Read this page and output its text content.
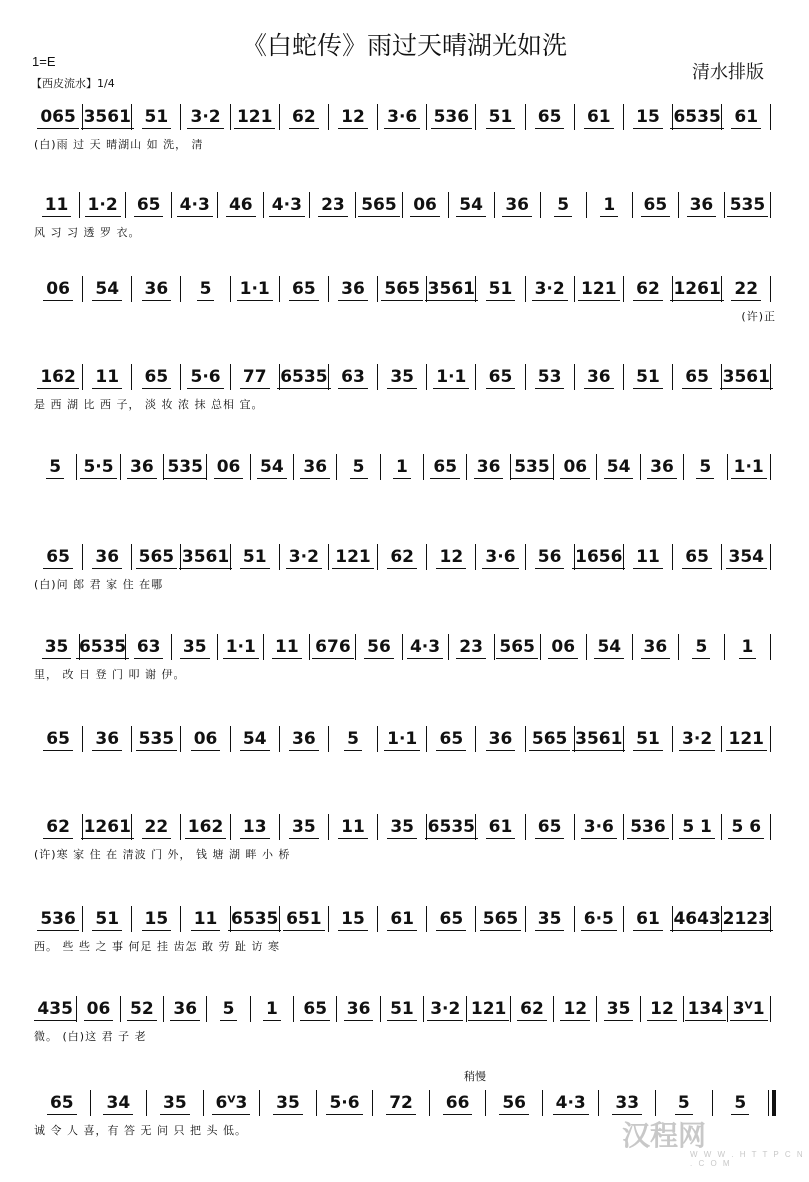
《白蛇传》雨过天晴湖光如洗
清水排版
1=E
【西皮流水】1/4
065 3561 51 3·2 121 62 12 3·6 536 51 65 61 15 6535 61
(白)雨 过 天 晴湖山 如 洗， 清
11 1·2 65 4·3 46 4·3 23 565 06 54 36 5 1 65 36 535
风 习 习 透 罗 衣。
06 54 36 5 1·1 65 36 565 3561 51 3·2 121 62 1261 22
(许)正
162 11 65 5·6 77 6535 63 35 1·1 65 53 36 51 65 3561
是 西 湖 比 西 子， 淡 妆 浓 抹 总相 宜。
5 5·5 36 535 06 54 36 5 1 65 36 535 06 54 36 5 1·1
65 36 565 3561 51 3·2 121 62 12 3·6 56 1656 11 65 354
(白)问 郎 君 家 住 在哪
35 6535 63 35 1·1 11 676 56 4·3 23 565 06 54 36 5 1
里， 改 日 登 门 叩 谢 伊。
65 36 535 06 54 36 5 1·1 65 36 565 3561 51 3·2 121
62 1261 22 162 13 35 11 35 6535 61 65 3·6 536 5 1 5 6
(许)寒 家 住 在 清波 门 外， 钱 塘 湖 畔 小 桥
536 51 15 11 6535 651 15 61 65 565 35 6·5 61 4643 2123
西。 些 些 之 事 何足 挂 齿怎 敢 劳 趾 访 寒
435 06 52 36 5 1 65 36 51 3·2 121 62 12 35 12 134 3ⱽ1
微。 (白)这 君 子 老
65 34 35 6ⱽ3 35 5·6 72 66 56 4·3 33 5	5
诚 令 人 喜，有 答 无 问 只 把 头 低。
稍慢
汉程网
W W W . H T T P C N . C O M
